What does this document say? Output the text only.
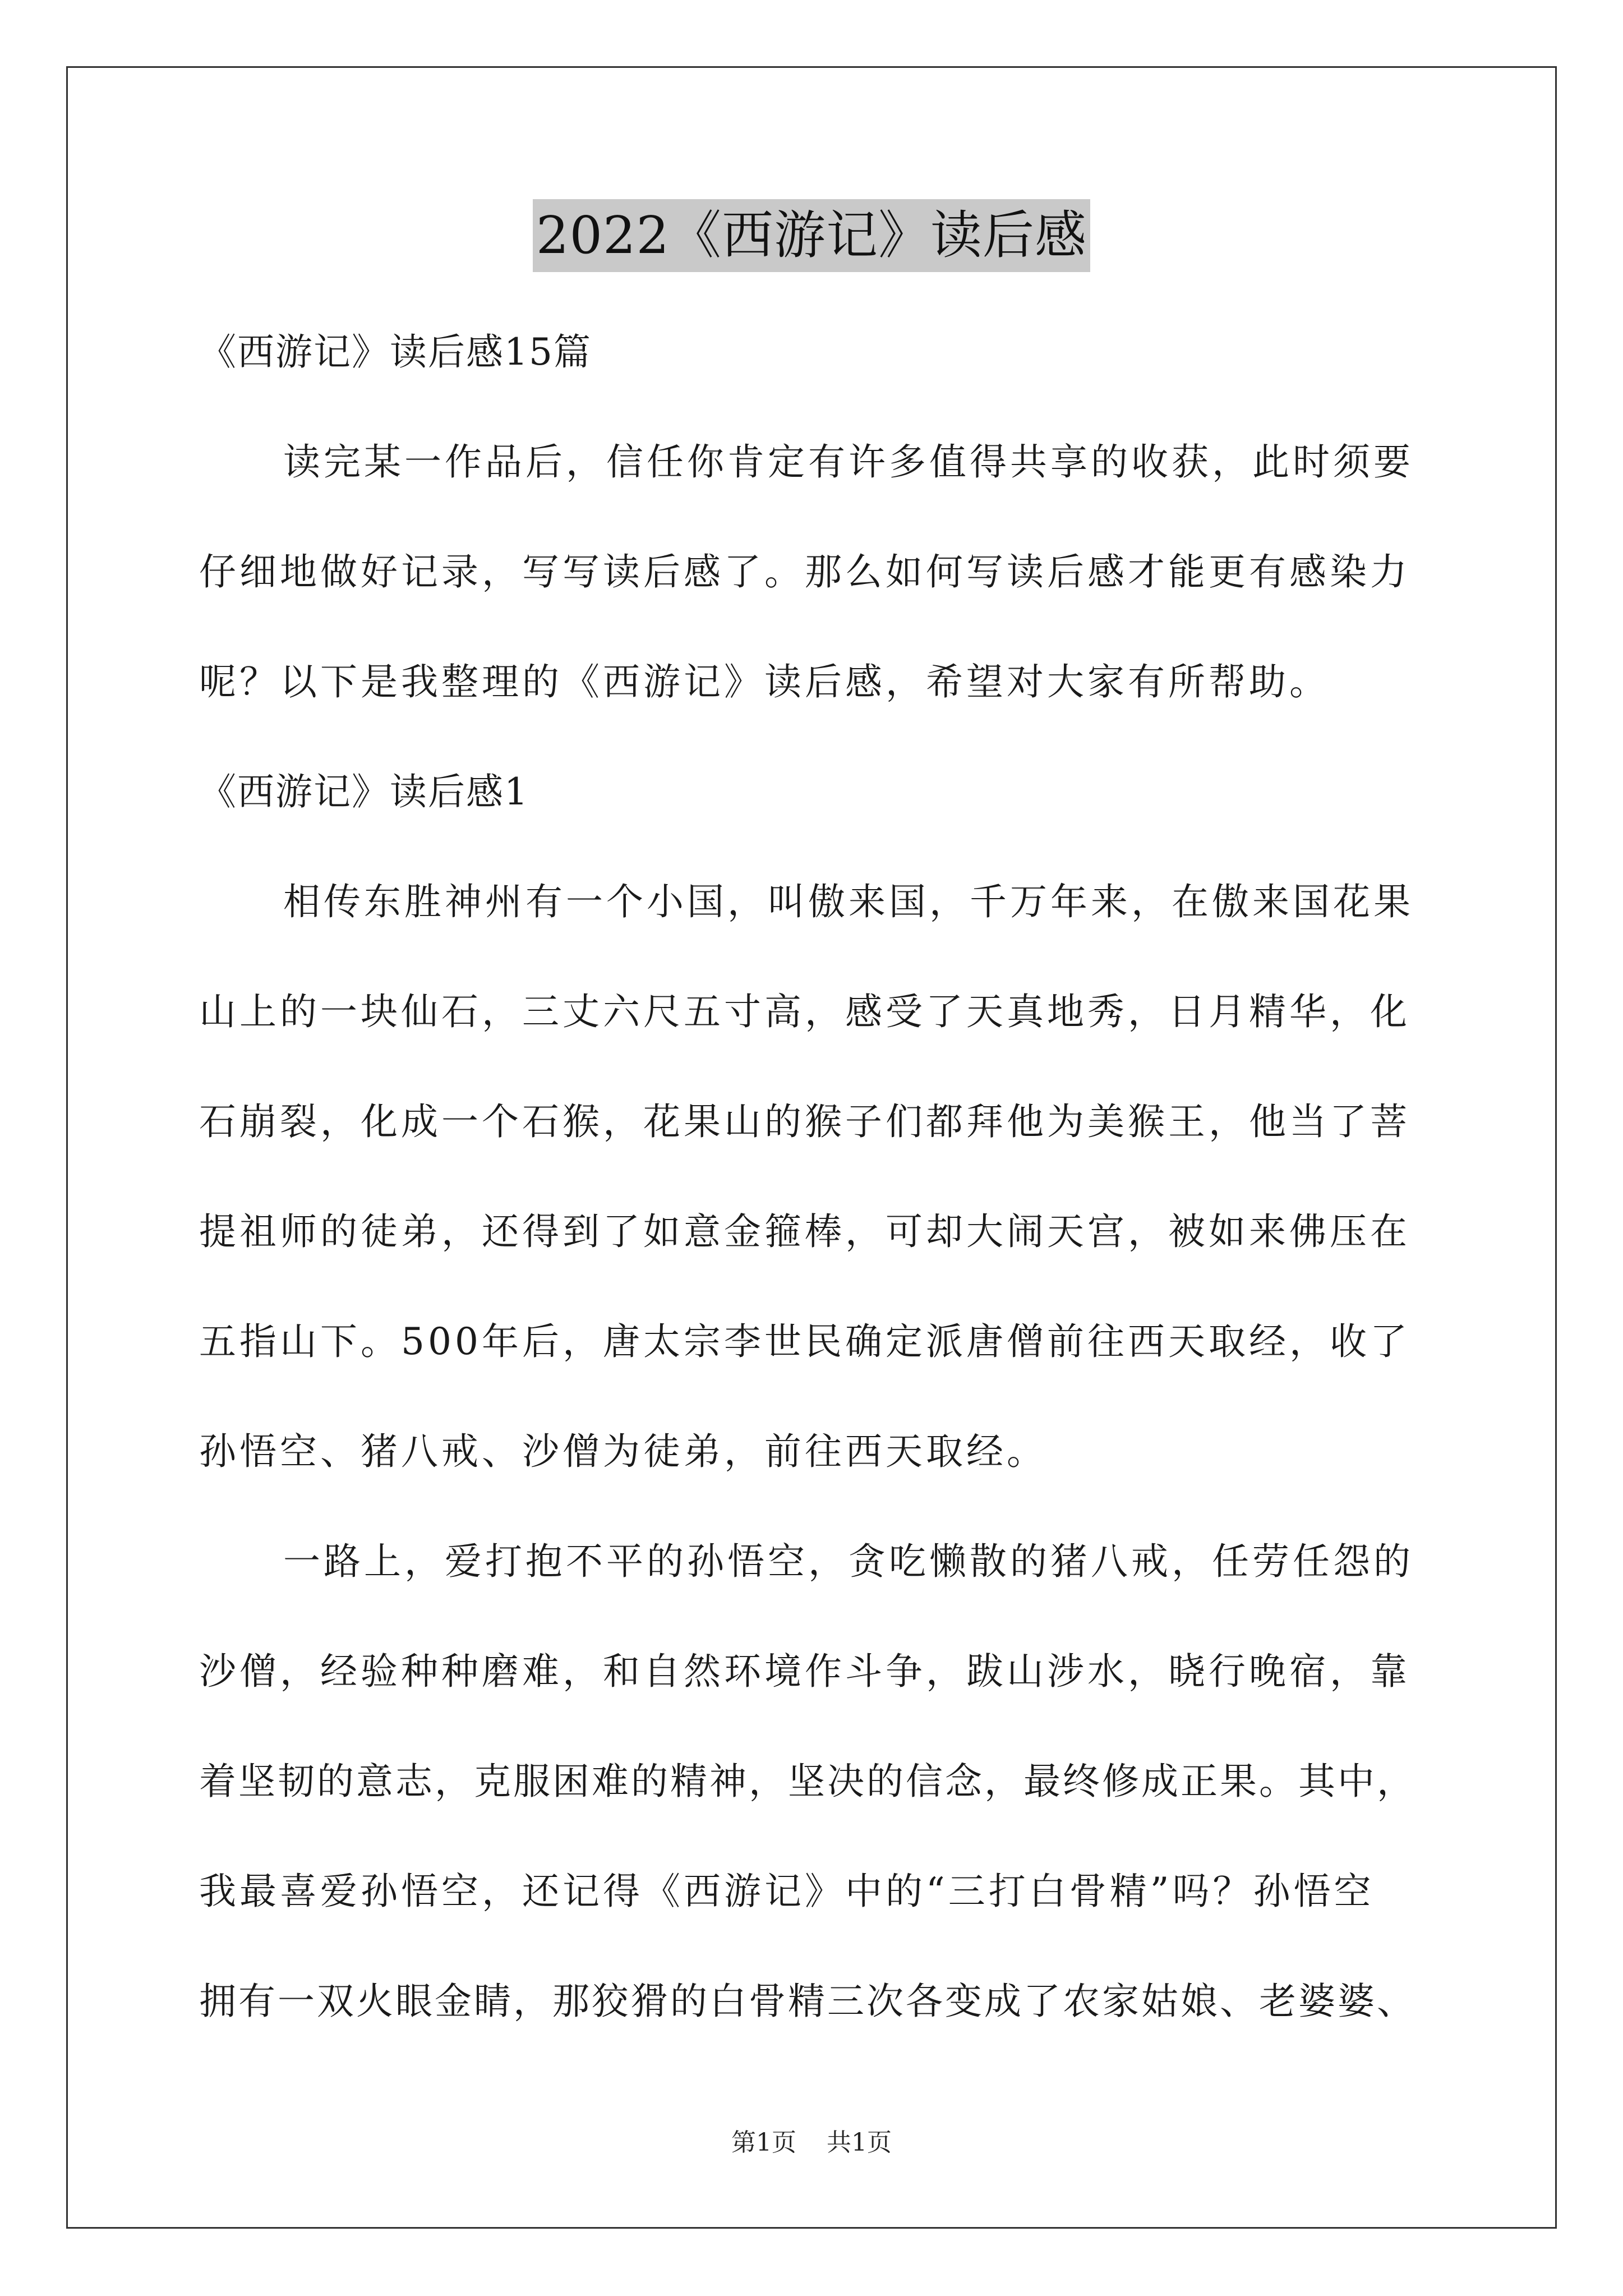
2022《西游记》读后感
《西游记》读后感15篇
读完某一作品后，信任你肯定有许多值得共享的收获，此时须要
仔细地做好记录，写写读后感了。那么如何写读后感才能更有感染力
呢？以下是我整理的《西游记》读后感，希望对大家有所帮助。
《西游记》读后感1
相传东胜神州有一个小国，叫傲来国，千万年来，在傲来国花果
山上的一块仙石，三丈六尺五寸高，感受了天真地秀，日月精华，化
石崩裂，化成一个石猴，花果山的猴子们都拜他为美猴王，他当了菩
提祖师的徒弟，还得到了如意金箍棒，可却大闹天宫，被如来佛压在
五指山下。500年后，唐太宗李世民确定派唐僧前往西天取经，收了
孙悟空、猪八戒、沙僧为徒弟，前往西天取经。
一路上，爱打抱不平的孙悟空，贪吃懒散的猪八戒，任劳任怨的
沙僧，经验种种磨难，和自然环境作斗争，跋山涉水，晓行晚宿，靠
着坚韧的意志，克服困难的精神，坚决的信念，最终修成正果。其中，
我最喜爱孙悟空，还记得《西游记》中的“三打白骨精”吗？孙悟空
拥有一双火眼金睛，那狡猾的白骨精三次各变成了农家姑娘、老婆婆、
第1页 共1页
